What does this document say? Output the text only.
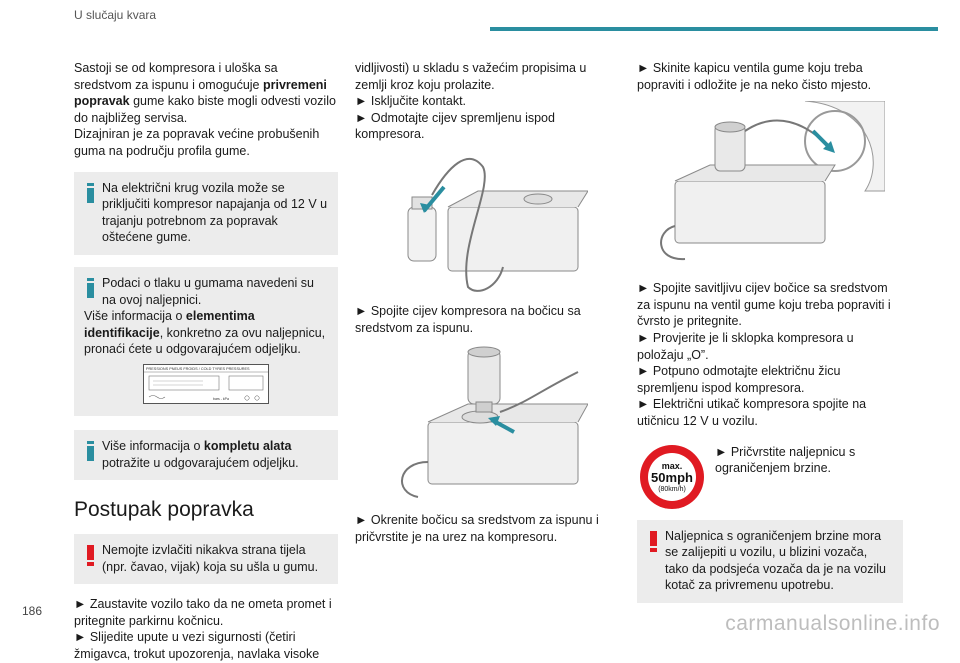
U slučaju kvara

Sastoji se od kompresora i uloška sa sredstvom za ispunu i omogućuje privremeni popravak gume kako biste mogli odvesti vozilo do najbližeg servisa.

Dizajniran je za popravak većine probušenih guma na području profila gume.

Na električni krug vozila može se priključiti kompresor napajanja od 12 V u trajanju potrebnom za popravak oštećene gume.
Podaci o tlaku u gumama navedeni su na ovoj naljepnici.
Više informacija o elementima identifikacije, konkretno za ovu naljepnicu, pronaći ćete u odgovarajućem odjeljku.
PRESSIONS PNEUS FROIDS / COLD TYRES PRESSURES
bars - kPa
Više informacija o kompletu alata potražite u odgovarajućem odjeljku.
Postupak popravka
Nemojte izvlačiti nikakva strana tijela (npr. čavao, vijak) koja su ušla u gumu.

► Zaustavite vozilo tako da ne ometa promet i pritegnite parkirnu kočnicu.

► Slijedite upute u vezi sigurnosti (četiri žmigavca, trokut upozorenja, navlaka visoke

vidljivosti) u skladu s važećim propisima u zemlji kroz koju prolazite.

► Isključite kontakt.

► Odmotajte cijev spremljenu ispod kompresora.

► Spojite cijev kompresora na bočicu sa sredstvom za ispunu.

► Okrenite bočicu sa sredstvom za ispunu i pričvrstite je na urez na kompresoru.

► Skinite kapicu ventila gume koju treba popraviti i odložite je na neko čisto mjesto.

► Spojite savitljivu cijev bočice sa sredstvom za ispunu na ventil gume koju treba popraviti i čvrsto je pritegnite.

► Provjerite je li sklopka kompresora u položaju „O”.

► Potpuno odmotajte električnu žicu spremljenu ispod kompresora.

► Električni utikač kompresora spojite na utičnicu 12 V u vozilu.

max.
50mph
(80km/h)
► Pričvrstite naljepnicu s ograničenjem brzine.
Naljepnica s ograničenjem brzine mora se zalijepiti u vozilu, u blizini vozača, tako da podsjeća vozača da je na vozilu kotač za privremenu upotrebu.
186
carmanualsonline.info
